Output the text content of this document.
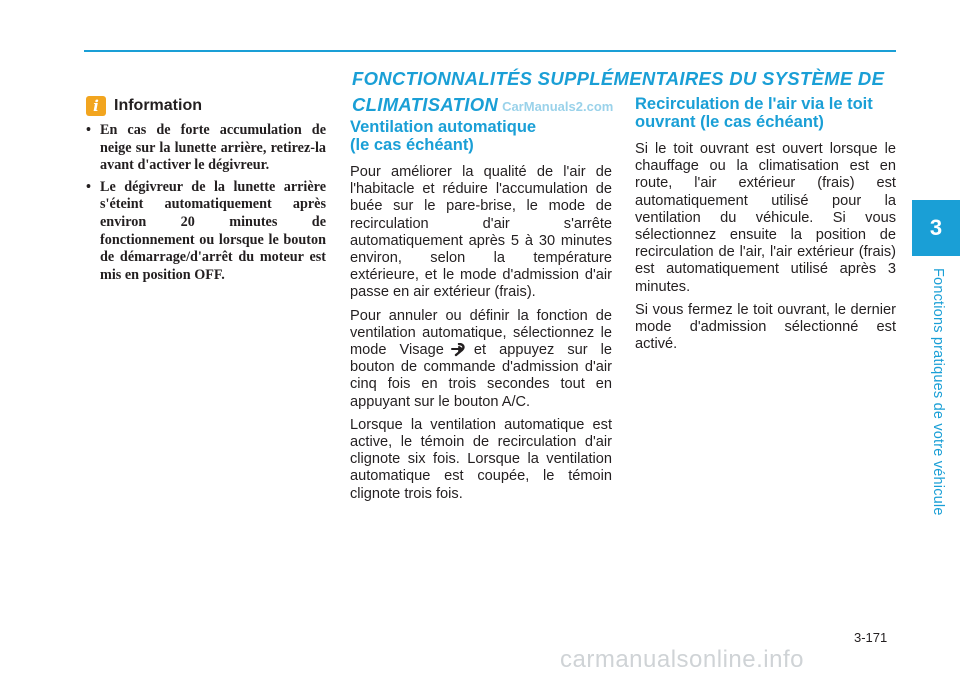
3
Fonctions pratiques de votre véhicule
i Information
• En cas de forte accumulation de neige sur la lunette arrière, retirez-la avant d'activer le dégivreur.
• Le dégivreur de la lunette arrière s'éteint automatiquement après environ 20 minutes de fonctionnement ou lorsque le bouton de démarrage/d'arrêt du moteur est mis en position OFF.
FONCTIONNALITÉS SUPPLÉMENTAIRES DU SYSTÈME DE CLIMATISATION CarManuals2.com
Ventilation automatique
(le cas échéant)

Pour améliorer la qualité de l'air de l'habitacle et réduire l'accumulation de buée sur le pare-brise, le mode de recirculation d'air s'arrête automatiquement après 5 à 30 minutes environ, selon la température extérieure, et le mode d'admission d'air passe en air extérieur (frais).

Pour annuler ou définir la fonction de ventilation automatique, sélectionnez le mode Visage et appuyez sur le bouton de commande d'admission d'air cinq fois en trois secondes tout en appuyant sur le bouton A/C.

Lorsque la ventilation automatique est active, le témoin de recirculation d'air clignote six fois. Lorsque la ventilation automatique est coupée, le témoin clignote trois fois.

Recirculation de l'air via le toit
ouvrant (le cas échéant)

Si le toit ouvrant est ouvert lorsque le chauffage ou la climatisation est en route, l'air extérieur (frais) est automatiquement utilisé pour la ventilation du véhicule. Si vous sélectionnez ensuite la position de recirculation de l'air, l'air extérieur (frais) est automatiquement utilisé après 3 minutes.

Si vous fermez le toit ouvrant, le dernier mode d'admission sélectionné est activé.

3-171
carmanualsonline.info
